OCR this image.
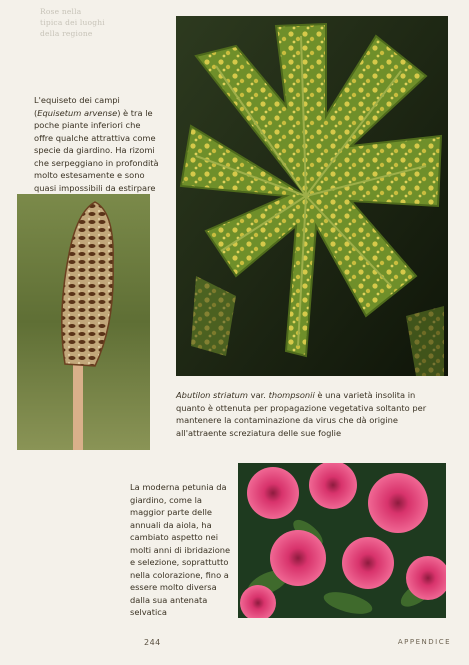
Rose nella
tipica dei luoghi
della regione

L'equiseto dei campi (Equisetum arvense) è tra le poche piante inferiori che offre qualche attrattiva come specie da giardino. Ha rizomi che serpeggiano in profondità molto estesamente e sono quasi impossibili da estirpare

Abutilon striatum var. thompsonii è una varietà insolita in quanto è ottenuta per propagazione vegetativa soltanto per mantenere la contaminazione da virus che dà origine all'attraente screziatura delle sue foglie

La moderna petunia da giardino, come la maggior parte delle annuali da aiola, ha cambiato aspetto nei molti anni di ibridazione e selezione, soprattutto nella colorazione, fino a essere molto diversa dalla sua antenata selvatica

244	APPENDICE
